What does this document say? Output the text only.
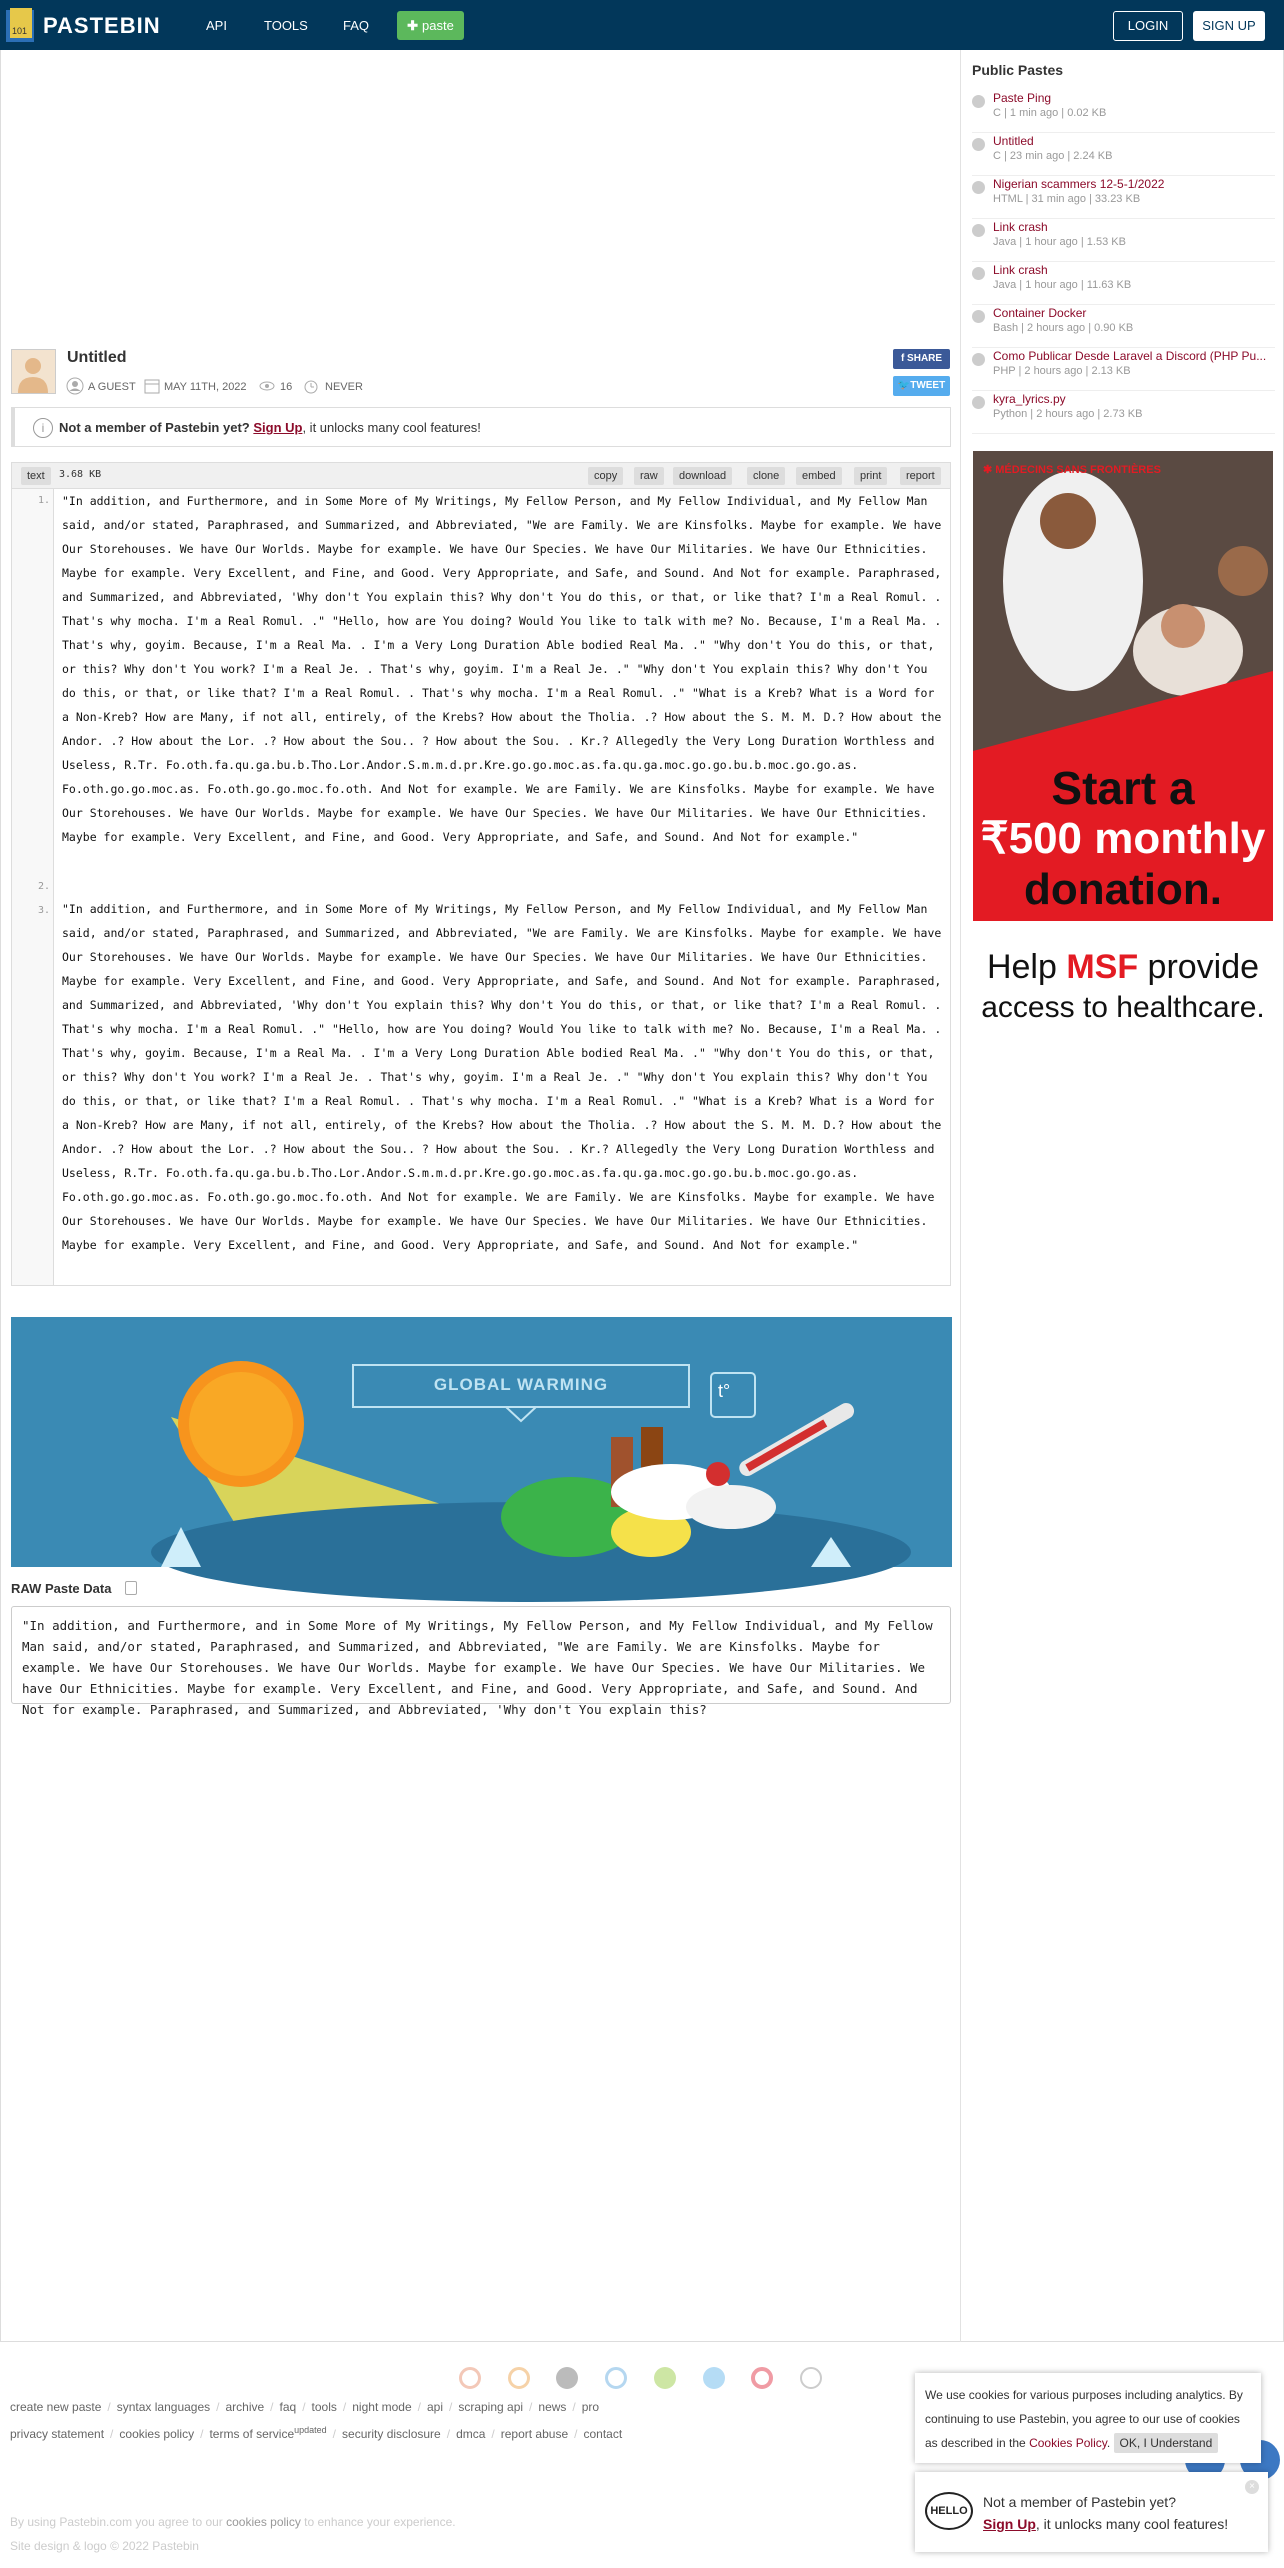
101 PASTEBIN	API	TOOLS	FAQ	✚ paste	LOGIN	SIGN UP
Untitled
A GUEST	MAY 11TH, 2022	16	NEVER
f SHARE
🐦TWEET
i	Not a member of Pastebin yet? Sign Up, it unlocks many cool features!
text	3.68 KB	copy	raw	download	clone	embed	print	report
1.
2.
3.
"In addition, and Furthermore, and in Some More of My Writings, My Fellow Person, and My Fellow Individual, and My Fellow Man said, and/or stated, Paraphrased, and Summarized, and Abbreviated, "We are Family. We are Kinsfolks. Maybe for example. We have Our Storehouses. We have Our Worlds. Maybe for example. We have Our Species. We have Our Militaries. We have Our Ethnicities. Maybe for example. Very Excellent, and Fine, and Good. Very Appropriate, and Safe, and Sound. And Not for example. Paraphrased, and Summarized, and Abbreviated, 'Why don't You explain this? Why don't You do this, or that, or like that? I'm a Real Romul. . That's why mocha. I'm a Real Romul. ." "Hello, how are You doing? Would You like to talk with me? No. Because, I'm a Real Ma. . That's why, goyim. Because, I'm a Real Ma. . I'm a Very Long Duration Able bodied Real Ma. ." "Why don't You do this, or that, or this? Why don't You work? I'm a Real Je. . That's why, goyim. I'm a Real Je. ." "Why don't You explain this? Why don't You do this, or that, or like that? I'm a Real Romul. . That's why mocha. I'm a Real Romul. ." "What is a Kreb? What is a Word for a Non-Kreb? How are Many, if not all, entirely, of the Krebs? How about the Tholia. .? How about the S. M. M. D.? How about the Andor. .? How about the Lor. .? How about the Sou.. ? How about the Sou. . Kr.? Allegedly the Very Long Duration Worthless and Useless, R.Tr. Fo.oth.fa.qu.ga.bu.b.Tho.Lor.Andor.S.m.m.d.pr.Kre.go.go.moc.as.fa.qu.ga.moc.go.go.bu.b.moc.go.go.as. Fo.oth.go.go.moc.as. Fo.oth.go.go.moc.fo.oth. And Not for example. We are Family. We are Kinsfolks. Maybe for example. We have Our Storehouses. We have Our Worlds. Maybe for example. We have Our Species. We have Our Militaries. We have Our Ethnicities. Maybe for example. Very Excellent, and Fine, and Good. Very Appropriate, and Safe, and Sound. And Not for example."
"In addition, and Furthermore, and in Some More of My Writings, My Fellow Person, and My Fellow Individual, and My Fellow Man said, and/or stated, Paraphrased, and Summarized, and Abbreviated, "We are Family. We are Kinsfolks. Maybe for example. We have Our Storehouses. We have Our Worlds. Maybe for example. We have Our Species. We have Our Militaries. We have Our Ethnicities. Maybe for example. Very Excellent, and Fine, and Good. Very Appropriate, and Safe, and Sound. And Not for example. Paraphrased, and Summarized, and Abbreviated, 'Why don't You explain this? Why don't You do this, or that, or like that? I'm a Real Romul. . That's why mocha. I'm a Real Romul. ." "Hello, how are You doing? Would You like to talk with me? No. Because, I'm a Real Ma. . That's why, goyim. Because, I'm a Real Ma. . I'm a Very Long Duration Able bodied Real Ma. ." "Why don't You do this, or that, or this? Why don't You work? I'm a Real Je. . That's why, goyim. I'm a Real Je. ." "Why don't You explain this? Why don't You do this, or that, or like that? I'm a Real Romul. . That's why mocha. I'm a Real Romul. ." "What is a Kreb? What is a Word for a Non-Kreb? How are Many, if not all, entirely, of the Krebs? How about the Tholia. .? How about the S. M. M. D.? How about the Andor. .? How about the Lor. .? How about the Sou.. ? How about the Sou. . Kr.? Allegedly the Very Long Duration Worthless and Useless, R.Tr. Fo.oth.fa.qu.ga.bu.b.Tho.Lor.Andor.S.m.m.d.pr.Kre.go.go.moc.as.fa.qu.ga.moc.go.go.bu.b.moc.go.go.as. Fo.oth.go.go.moc.as. Fo.oth.go.go.moc.fo.oth. And Not for example. We are Family. We are Kinsfolks. Maybe for example. We have Our Storehouses. We have Our Worlds. Maybe for example. We have Our Species. We have Our Militaries. We have Our Ethnicities. Maybe for example. Very Excellent, and Fine, and Good. Very Appropriate, and Safe, and Sound. And Not for example."
GLOBAL WARMING	t°
RAW Paste Data
"In addition, and Furthermore, and in Some More of My Writings, My Fellow Person, and My Fellow Individual, and My Fellow Man said, and/or stated, Paraphrased, and Summarized, and Abbreviated, "We are Family. We are Kinsfolks. Maybe for example. We have Our Storehouses. We have Our Worlds. Maybe for example. We have Our Species. We have Our Militaries. We have Our Ethnicities. Maybe for example. Very Excellent, and Fine, and Good. Very Appropriate, and Safe, and Sound. And Not for example. Paraphrased, and Summarized, and Abbreviated, 'Why don't You explain this?
Public Pastes
Paste Ping
C | 1 min ago | 0.02 KB
Untitled
C | 23 min ago | 2.24 KB
Nigerian scammers 12-5-1/2022
HTML | 31 min ago | 33.23 KB
Link crash
Java | 1 hour ago | 1.53 KB
Link crash
Java | 1 hour ago | 11.63 KB
Container Docker
Bash | 2 hours ago | 0.90 KB
Como Publicar Desde Laravel a Discord (PHP Pu...
PHP | 2 hours ago | 2.13 KB
kyra_lyrics.py
Python | 2 hours ago | 2.73 KB
✱ MÉDECINS SANS FRONTIÈRES
Start a
₹500 monthly
donation.
Help MSF provide
access to healthcare.
create new paste / syntax languages / archive / faq / tools / night mode / api / scraping api / news / pro
privacy statement / cookies policy / terms of service$^{updated}$ / security disclosure / dmca / report abuse / contact
By using Pastebin.com you agree to our cookies policy to enhance your experience.
Site design & logo © 2022 Pastebin
We use cookies for various purposes including analytics. By continuing to use Pastebin, you agree to our use of cookies as described in the Cookies Policy. OK, I Understand
HELLO
Not a member of Pastebin yet?
Sign Up, it unlocks many cool features!
×
